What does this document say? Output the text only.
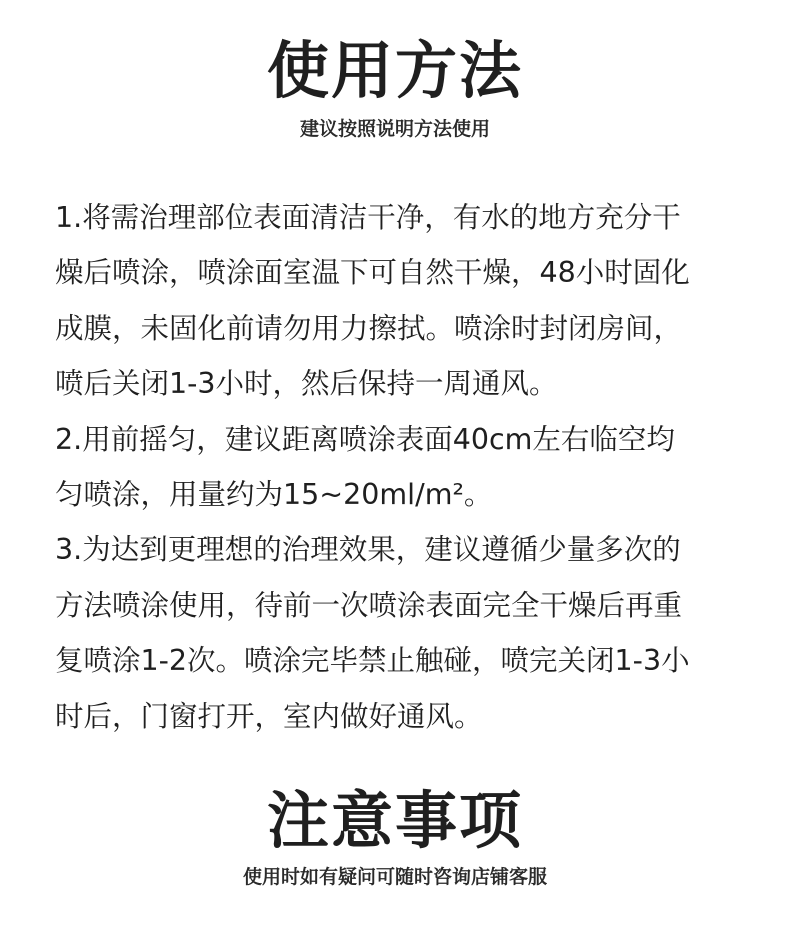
使用方法

建议按照说明方法使用

1.将需治理部位表面清洁干净，有水的地方充分干
燥后喷涂，喷涂面室温下可自然干燥，48小时固化
成膜，未固化前请勿用力擦拭。喷涂时封闭房间，
喷后关闭1-3小时，然后保持一周通风。
2.用前摇匀，建议距离喷涂表面40cm左右临空均
匀喷涂，用量约为15~20ml/m²。
3.为达到更理想的治理效果，建议遵循少量多次的
方法喷涂使用，待前一次喷涂表面完全干燥后再重
复喷涂1-2次。喷涂完毕禁止触碰，喷完关闭1-3小
时后，门窗打开，室内做好通风。
注意事项

使用时如有疑问可随时咨询店铺客服
